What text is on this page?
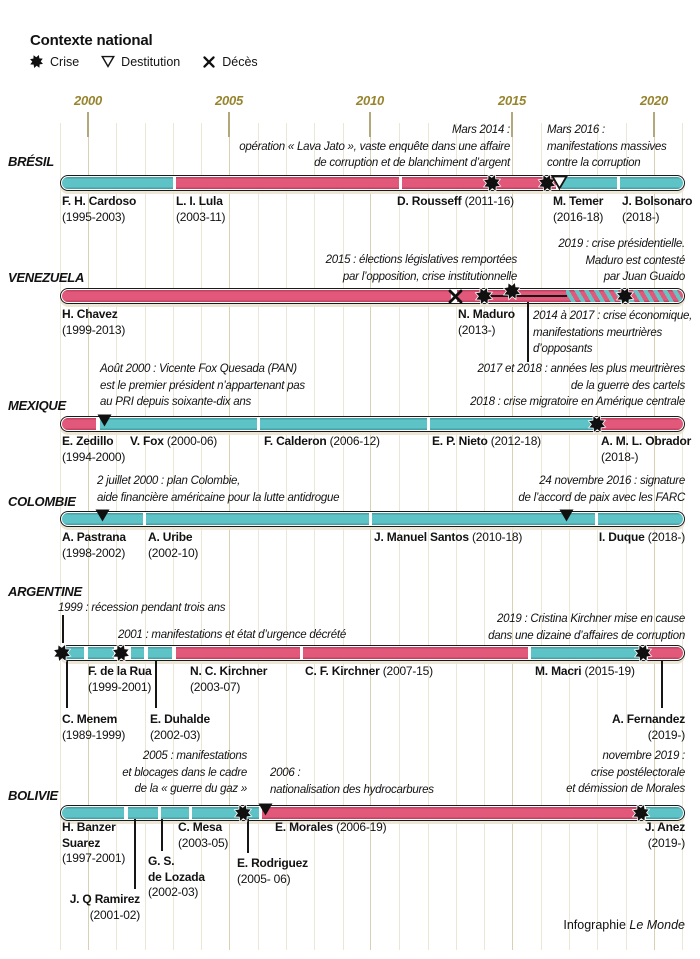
Contexte national
Crise	Destitution	Décès
2000	2005	2010	2015	2020
BRÉSIL
Mars 2014 :
opération « Lava Jato », vaste enquête dans une affaire
de corruption et de blanchiment d’argent
Mars 2016 :
manifestations massives
contre la corruption
F. H. Cardoso
(1995-2003)
L. I. Lula
(2003-11)
D. Rousseff (2011-16)	M. Temer
(2016-18)
J. Bolsonaro
(2018-)
VENEZUELA
2015 : élections législatives remportées
par l’opposition, crise institutionnelle
2019 : crise présidentielle.
Maduro est contesté
par Juan Guaido
2014 à 2017 : crise économique,
manifestations meurtrières
d’opposants
H. Chavez
(1999-2013)
N. Maduro
(2013-)
MEXIQUE
Août 2000 : Vicente Fox Quesada (PAN)
est le premier président n’appartenant pas
au PRI depuis soixante-dix ans
2017 et 2018 : années les plus meurtrières
de la guerre des cartels
2018 : crise migratoire en Amérique centrale
E. Zedillo
(1994-2000)
V. Fox (2000-06)	F. Calderon (2006-12)	E. P. Nieto (2012-18)	A. M. L. Obrador
(2018-)
COLOMBIE
2 juillet 2000 : plan Colombie,
aide financière américaine pour la lutte antidrogue
24 novembre 2016 : signature
de l’accord de paix avec les FARC
A. Pastrana
(1998-2002)
A. Uribe
(2002-10)
J. Manuel Santos (2010-18)	I. Duque (2018-)
ARGENTINE
1999 : récession pendant trois ans
2001 : manifestations et état d’urgence décrété
2019 : Cristina Kirchner mise en cause
dans une dizaine d’affaires de corruption
F. de la Rua
(1999-2001)
N. C. Kirchner
(2003-07)
C. F. Kirchner (2007-15)	M. Macri (2015-19)
C. Menem
(1989-1999)
E. Duhalde
(2002-03)
A. Fernandez
(2019-)
BOLIVIE
2005 : manifestations
et blocages dans le cadre
de la « guerre du gaz »
2006 :
nationalisation des hydrocarbures
novembre 2019 :
crise postélectorale
et démission de Morales
H. Banzer
Suarez
(1997-2001)
C. Mesa
(2003-05)
E. Morales (2006-19)	J. Anez
(2019-)
G. S.
de Lozada
(2002-03)
E. Rodriguez
(2005- 06)
J. Q Ramirez
(2001-02)
Infographie Le Monde
